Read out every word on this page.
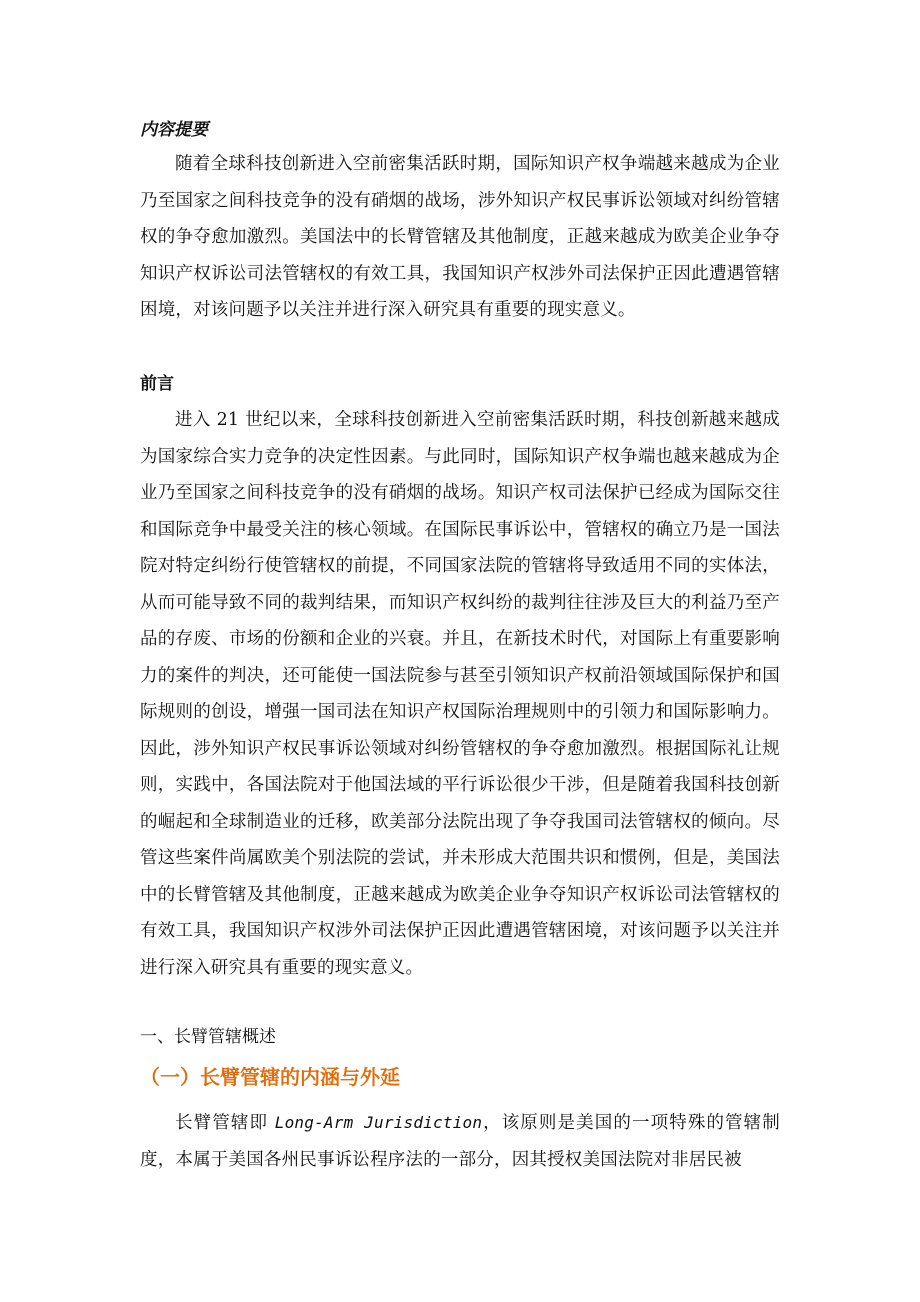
内容提要

随着全球科技创新进入空前密集活跃时期，国际知识产权争端越来越成为企业乃至国家之间科技竞争的没有硝烟的战场，涉外知识产权民事诉讼领域对纠纷管辖权的争夺愈加激烈。美国法中的长臂管辖及其他制度，正越来越成为欧美企业争夺知识产权诉讼司法管辖权的有效工具，我国知识产权涉外司法保护正因此遭遇管辖困境，对该问题予以关注并进行深入研究具有重要的现实意义。

前言

进入 21 世纪以来，全球科技创新进入空前密集活跃时期，科技创新越来越成为国家综合实力竞争的决定性因素。与此同时，国际知识产权争端也越来越成为企业乃至国家之间科技竞争的没有硝烟的战场。知识产权司法保护已经成为国际交往和国际竞争中最受关注的核心领域。在国际民事诉讼中，管辖权的确立乃是一国法院对特定纠纷行使管辖权的前提，不同国家法院的管辖将导致适用不同的实体法，从而可能导致不同的裁判结果，而知识产权纠纷的裁判往往涉及巨大的利益乃至产品的存废、市场的份额和企业的兴衰。并且，在新技术时代，对国际上有重要影响力的案件的判决，还可能使一国法院参与甚至引领知识产权前沿领域国际保护和国际规则的创设，增强一国司法在知识产权国际治理规则中的引领力和国际影响力。因此，涉外知识产权民事诉讼领域对纠纷管辖权的争夺愈加激烈。根据国际礼让规则，实践中，各国法院对于他国法域的平行诉讼很少干涉，但是随着我国科技创新的崛起和全球制造业的迁移，欧美部分法院出现了争夺我国司法管辖权的倾向。尽管这些案件尚属欧美个别法院的尝试，并未形成大范围共识和惯例，但是，美国法中的长臂管辖及其他制度，正越来越成为欧美企业争夺知识产权诉讼司法管辖权的有效工具，我国知识产权涉外司法保护正因此遭遇管辖困境，对该问题予以关注并进行深入研究具有重要的现实意义。

一、长臂管辖概述

（一）长臂管辖的内涵与外延

长臂管辖即 Long-Arm Jurisdiction，该原则是美国的一项特殊的管辖制度，本属于美国各州民事诉讼程序法的一部分，因其授权美国法院对非居民被
